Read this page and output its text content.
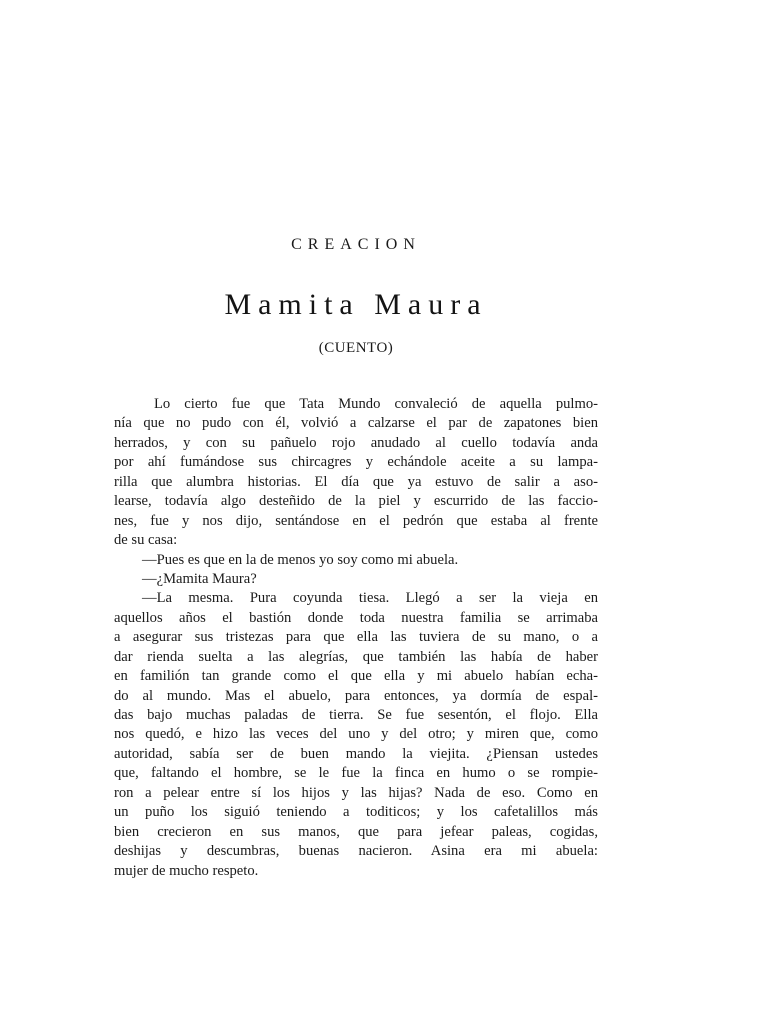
CREACION
Mamita Maura
(CUENTO)
Lo cierto fue que Tata Mundo convaleció de aquella pulmo-
nía que no pudo con él, volvió a calzarse el par de zapatones bien
herrados, y con su pañuelo rojo anudado al cuello todavía anda
por ahí fumándose sus chircagres y echándole aceite a su lampa-
rilla que alumbra historias. El día que ya estuvo de salir a aso-
learse, todavía algo desteñido de la piel y escurrido de las faccio-
nes, fue y nos dijo, sentándose en el pedrón que estaba al frente
de su casa:
—Pues es que en la de menos yo soy como mi abuela.
—¿Mamita Maura?
—La mesma. Pura coyunda tiesa. Llegó a ser la vieja en
aquellos años el bastión donde toda nuestra familia se arrimaba
a asegurar sus tristezas para que ella las tuviera de su mano, o a
dar rienda suelta a las alegrías, que también las había de haber
en familión tan grande como el que ella y mi abuelo habían echa-
do al mundo. Mas el abuelo, para entonces, ya dormía de espal-
das bajo muchas paladas de tierra. Se fue sesentón, el flojo. Ella
nos quedó, e hizo las veces del uno y del otro; y miren que, como
autoridad, sabía ser de buen mando la viejita. ¿Piensan ustedes
que, faltando el hombre, se le fue la finca en humo o se rompie-
ron a pelear entre sí los hijos y las hijas? Nada de eso. Como en
un puño los siguió teniendo a toditicos; y los cafetalillos más
bien crecieron en sus manos, que para jefear paleas, cogidas,
deshijas y descumbras, buenas nacieron. Asina era mi abuela:
mujer de mucho respeto.
